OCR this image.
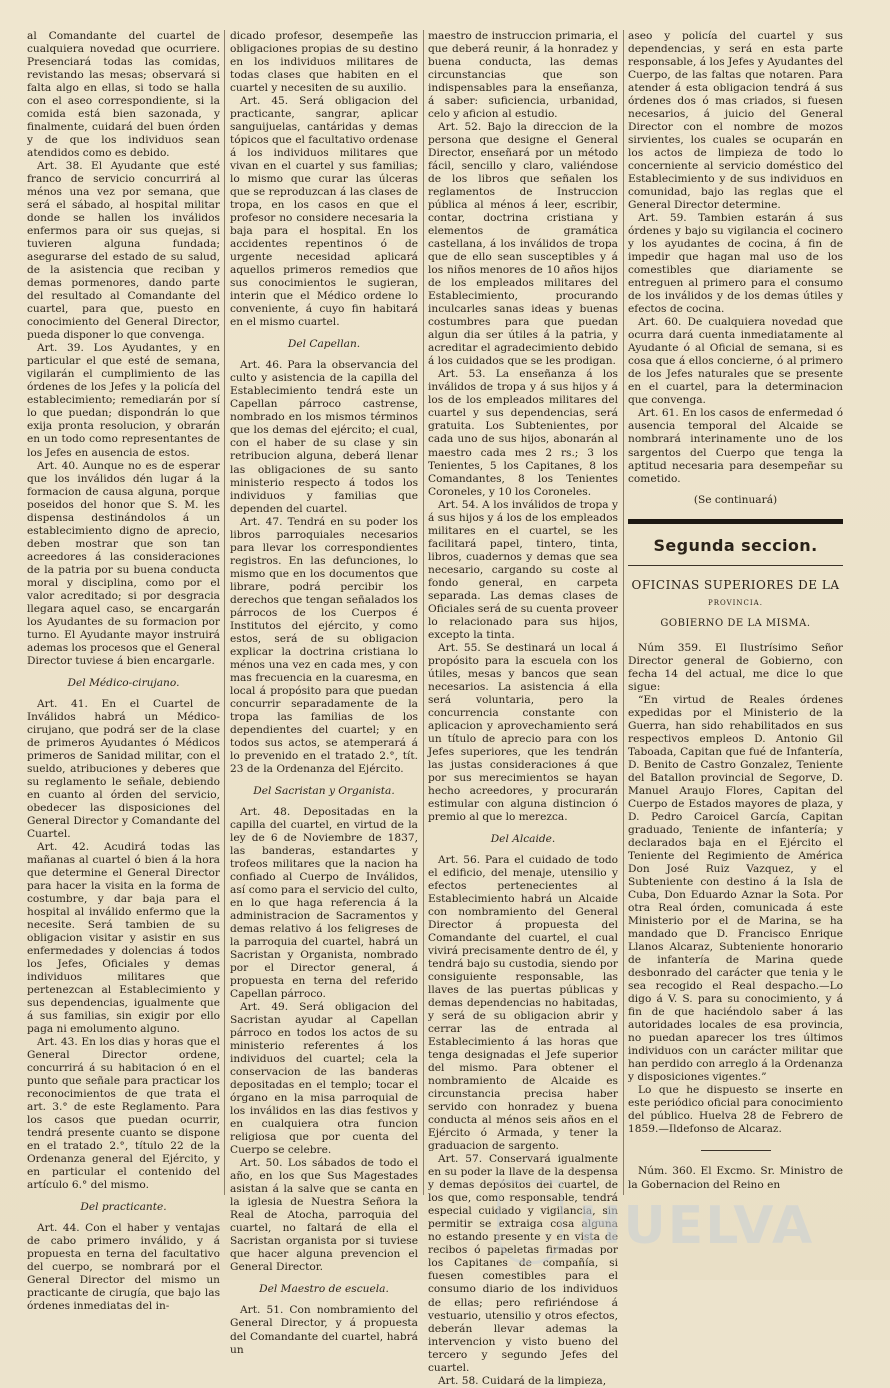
al Comandante del cuartel de cualquiera novedad que ocurriere. Presenciará todas las comidas, revistando las mesas; observará si falta algo en ellas, si todo se halla con el aseo correspondiente, si la comida está bien sazonada, y finalmente, cuidará del buen órden y de que los individuos sean atendidos como es debido.

Art. 38. El Ayudante que esté franco de servicio concurrirá al ménos una vez por semana, que será el sábado, al hospital militar donde se hallen los inválidos enfermos para oir sus quejas, si tuvieren alguna fundada; asegurarse del estado de su salud, de la asistencia que reciban y demas pormenores, dando parte del resultado al Comandante del cuartel, para que, puesto en conocimiento del General Director, pueda disponer lo que convenga.

Art. 39. Los Ayudantes, y en particular el que esté de semana, vigilarán el cumplimiento de las órdenes de los Jefes y la policía del establecimiento; remediarán por sí lo que puedan; dispondrán lo que exija pronta resolucion, y obrarán en un todo como representantes de los Jefes en ausencia de estos.

Art. 40. Aunque no es de esperar que los inválidos dén lugar á la formacion de causa alguna, porque poseidos del honor que S. M. les dispensa destinándolos á un establecimiento digno de aprecio, deben mostrar que son tan acreedores á las consideraciones de la patria por su buena conducta moral y disciplina, como por el valor acreditado; si por desgracia llegara aquel caso, se encargarán los Ayudantes de su formacion por turno. El Ayudante mayor instruirá ademas los procesos que el General Director tuviese á bien encargarle.

Del Médico-cirujano.

Art. 41. En el Cuartel de Inválidos habrá un Médico-cirujano, que podrá ser de la clase de primeros Ayudantes ó Médicos primeros de Sanidad militar, con el sueldo, atribuciones y deberes que su reglamento le señale, debiendo en cuanto al órden del servicio, obedecer las disposiciones del General Director y Comandante del Cuartel.

Art. 42. Acudirá todas las mañanas al cuartel ó bien á la hora que determine el General Director para hacer la visita en la forma de costumbre, y dar baja para el hospital al inválido enfermo que la necesite. Será tambien de su obligacion visitar y asistir en sus enfermedades y dolencias á todos los Jefes, Oficiales y demas individuos militares que pertenezcan al Establecimiento y sus dependencias, igualmente que á sus familias, sin exigir por ello paga ni emolumento alguno.

Art. 43. En los dias y horas que el General Director ordene, concurrirá á su habitacion ó en el punto que señale para practicar los reconocimientos de que trata el art. 3.° de este Reglamento. Para los casos que puedan ocurrir, tendrá presente cuanto se dispone en el tratado 2.°, título 22 de la Ordenanza general del Ejército, y en particular el contenido del artículo 6.° del mismo.

Del practicante.

Art. 44. Con el haber y ventajas de cabo primero inválido, y á propuesta en terna del facultativo del cuerpo, se nombrará por el General Director del mismo un practicante de cirugía, que bajo las órdenes inmediatas del in-

dicado profesor, desempeñe las obligaciones propias de su destino en los individuos militares de todas clases que habiten en el cuartel y necesiten de su auxilio.

Art. 45. Será obligacion del practicante, sangrar, aplicar sanguijuelas, cantáridas y demas tópicos que el facultativo ordenase á los individuos militares que vivan en el cuartel y sus familias; lo mismo que curar las úlceras que se reproduzcan á las clases de tropa, en los casos en que el profesor no considere necesaria la baja para el hospital. En los accidentes repentinos ó de urgente necesidad aplicará aquellos primeros remedios que sus conocimientos le sugieran, interin que el Médico ordene lo conveniente, á cuyo fin habitará en el mismo cuartel.

Del Capellan.

Art. 46. Para la observancia del culto y asistencia de la capilla del Establecimiento tendrá este un Capellan párroco castrense, nombrado en los mismos términos que los demas del ejército; el cual, con el haber de su clase y sin retribucion alguna, deberá llenar las obligaciones de su santo ministerio respecto á todos los individuos y familias que dependen del cuartel.

Art. 47. Tendrá en su poder los libros parroquiales necesarios para llevar los correspondientes registros. En las defunciones, lo mismo que en los documentos que librare, podrá percibir los derechos que tengan señalados los párrocos de los Cuerpos é Institutos del ejército, y como estos, será de su obligacion explicar la doctrina cristiana lo ménos una vez en cada mes, y con mas frecuencia en la cuaresma, en local á propósito para que puedan concurrir separadamente de la tropa las familias de los dependientes del cuartel; y en todos sus actos, se atemperará á lo prevenido en el tratado 2.°, tít. 23 de la Ordenanza del Ejército.

Del Sacristan y Organista.

Art. 48. Depositadas en la capilla del cuartel, en virtud de la ley de 6 de Noviembre de 1837, las banderas, estandartes y trofeos militares que la nacion ha confiado al Cuerpo de Inválidos, así como para el servicio del culto, en lo que haga referencia á la administracion de Sacramentos y demas relativo á los feligreses de la parroquia del cuartel, habrá un Sacristan y Organista, nombrado por el Director general, á propuesta en terna del referido Capellan párroco.

Art. 49. Será obligacion del Sacristan ayudar al Capellan párroco en todos los actos de su ministerio referentes á los individuos del cuartel; cela la conservacion de las banderas depositadas en el templo; tocar el órgano en la misa parroquial de los inválidos en las dias festivos y en cualquiera otra funcion religiosa que por cuenta del Cuerpo se celebre.

Art. 50. Los sábados de todo el año, en los que Sus Magestades asistan á la salve que se canta en la iglesia de Nuestra Señora la Real de Atocha, parroquia del cuartel, no faltará de ella el Sacristan organista por si tuviese que hacer alguna prevencion el General Director.

Del Maestro de escuela.

Art. 51. Con nombramiento del General Director, y á propuesta del Comandante del cuartel, habrá un

maestro de instruccion primaria, el que deberá reunir, á la honradez y buena conducta, las demas circunstancias que son indispensables para la enseñanza, á saber: suficiencia, urbanidad, celo y aficion al estudio.

Art. 52. Bajo la direccion de la persona que designe el General Director, enseñará por un método fácil, sencillo y claro, valiéndose de los libros que señalen los reglamentos de Instruccion pública al ménos á leer, escribir, contar, doctrina cristiana y elementos de gramática castellana, á los inválidos de tropa que de ello sean susceptibles y á los niños menores de 10 años hijos de los empleados militares del Establecimiento, procurando inculcarles sanas ideas y buenas costumbres para que puedan algun dia ser útiles á la patria, y acreditar el agradecimiento debido á los cuidados que se les prodigan.

Art. 53. La enseñanza á los inválidos de tropa y á sus hijos y á los de los empleados militares del cuartel y sus dependencias, será gratuita. Los Subtenientes, por cada uno de sus hijos, abonarán al maestro cada mes 2 rs.; 3 los Tenientes, 5 los Capitanes, 8 los Comandantes, 8 los Tenientes Coroneles, y 10 los Coroneles.

Art. 54. A los inválidos de tropa y á sus hijos y á los de los empleados militares en el cuartel, se les facilitará papel, tintero, tinta, libros, cuadernos y demas que sea necesario, cargando su coste al fondo general, en carpeta separada. Las demas clases de Oficiales será de su cuenta proveer lo relacionado para sus hijos, excepto la tinta.

Art. 55. Se destinará un local á propósito para la escuela con los útiles, mesas y bancos que sean necesarios. La asistencia á ella será voluntaria, pero la concurrencia constante con aplicacion y aprovechamiento será un título de aprecio para con los Jefes superiores, que les tendrán las justas consideraciones á que por sus merecimientos se hayan hecho acreedores, y procurarán estimular con alguna distincion ó premio al que lo merezca.

Del Alcaide.

Art. 56. Para el cuidado de todo el edificio, del menaje, utensilio y efectos pertenecientes al Establecimiento habrá un Alcaide con nombramiento del General Director á propuesta del Comandante del cuartel, el cual vivirá precisamente dentro de él, y tendrá bajo su custodia, siendo por consiguiente responsable, las llaves de las puertas públicas y demas dependencias no habitadas, y será de su obligacion abrir y cerrar las de entrada al Establecimiento á las horas que tenga designadas el Jefe superior del mismo. Para obtener el nombramiento de Alcaide es circunstancia precisa haber servido con honradez y buena conducta al ménos seis años en el Ejército ó Armada, y tener la graduacion de sargento.

Art. 57. Conservará igualmente en su poder la llave de la despensa y demas depósitos del cuartel, de los que, como responsable, tendrá especial cuidado y vigilancia, sin permitir se extraiga cosa alguna no estando presente y en vista de recibos ó papeletas firmadas por los Capitanes de compañía, si fuesen comestibles para el consumo diario de los individuos de ellas; pero refiriéndose á vestuario, utensilio y otros efectos, deberán llevar ademas la intervencion y visto bueno del tercero y segundo Jefes del cuartel.

Art. 58. Cuidará de la limpieza,

aseo y policía del cuartel y sus dependencias, y será en esta parte responsable, á los Jefes y Ayudantes del Cuerpo, de las faltas que notaren. Para atender á esta obligacion tendrá á sus órdenes dos ó mas criados, si fuesen necesarios, á juicio del General Director con el nombre de mozos sirvientes, los cuales se ocuparán en los actos de limpieza de todo lo concerniente al servicio doméstico del Establecimiento y de sus individuos en comunidad, bajo las reglas que el General Director determine.

Art. 59. Tambien estarán á sus órdenes y bajo su vigilancia el cocinero y los ayudantes de cocina, á fin de impedir que hagan mal uso de los comestibles que diariamente se entreguen al primero para el consumo de los inválidos y de los demas útiles y efectos de cocina.

Art. 60. De cualquiera novedad que ocurra dará cuenta inmediatamente al Ayudante ó al Oficial de semana, si es cosa que á ellos concierne, ó al primero de los Jefes naturales que se presente en el cuartel, para la determinacion que convenga.

Art. 61. En los casos de enfermedad ó ausencia temporal del Alcaide se nombrará interinamente uno de los sargentos del Cuerpo que tenga la aptitud necesaria para desempeñar su cometido.

(Se continuará)

Segunda seccion.

OFICINAS SUPERIORES DE LA

PROVINCIA.

GOBIERNO DE LA MISMA.

Núm 359. El Ilustrísimo Señor Director general de Gobierno, con fecha 14 del actual, me dice lo que sigue:

“En virtud de Reales órdenes expedidas por el Ministerio de la Guerra, han sido rehabilitados en sus respectivos empleos D. Antonio Gil Taboada, Capitan que fué de Infantería, D. Benito de Castro Gonzalez, Teniente del Batallon provincial de Segorve, D. Manuel Araujo Flores, Capitan del Cuerpo de Estados mayores de plaza, y D. Pedro Caroicel García, Capitan graduado, Teniente de infantería; y declarados baja en el Ejército el Teniente del Regimiento de América Don José Ruiz Vazquez, y el Subteniente con destino á la Isla de Cuba, Don Eduardo Aznar la Sota. Por otra Real órden, comunicada á este Ministerio por el de Marina, se ha mandado que D. Francisco Enrique Llanos Alcaraz, Subteniente honorario de infantería de Marina quede desbonrado del carácter que tenia y le sea recogido el Real despacho.—Lo digo á V. S. para su conocimiento, y á fin de que haciéndolo saber á las autoridades locales de esa provincia, no puedan aparecer los tres últimos individuos con un carácter militar que han perdido con arreglo á la Ordenanza y disposiciones vigentes.”

Lo que he dispuesto se inserte en este periódico oficial para conocimiento del público. Huelva 28 de Febrero de 1859.—Ildefonso de Alcaraz.

Núm. 360. El Excmo. Sr. Ministro de la Gobernacion del Reino en

HUELVA
